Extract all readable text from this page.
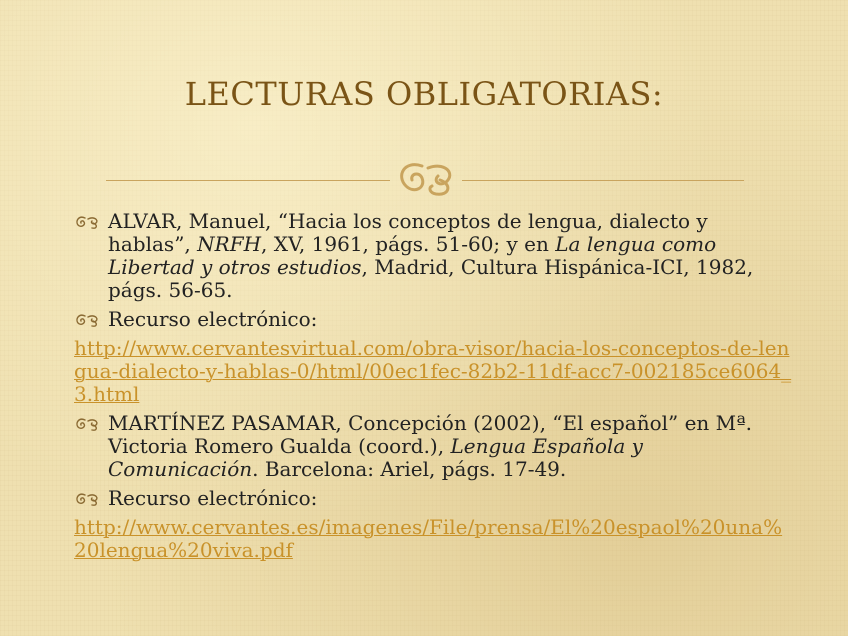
LECTURAS OBLIGATORIAS:

ALVAR, Manuel, “Hacia los conceptos de lengua, dialecto y hablas”, NRFH, XV, 1961, págs. 51-60; y en La lengua como Libertad y otros estudios, Madrid, Cultura Hispánica-ICI, 1982, págs. 56-65.

Recurso electrónico:

http://www.cervantesvirtual.com/obra-visor/hacia-los-conceptos-de-lengua-dialecto-y-hablas-0/html/00ec1fec-82b2-11df-acc7-002185ce6064_3.html

MARTÍNEZ PASAMAR, Concepción (2002), “El español” en Mª. Victoria Romero Gualda (coord.), Lengua Española y Comunicación. Barcelona: Ariel, págs. 17-49.

Recurso electrónico:

http://www.cervantes.es/imagenes/File/prensa/El%20espaol%20una%20lengua%20viva.pdf
